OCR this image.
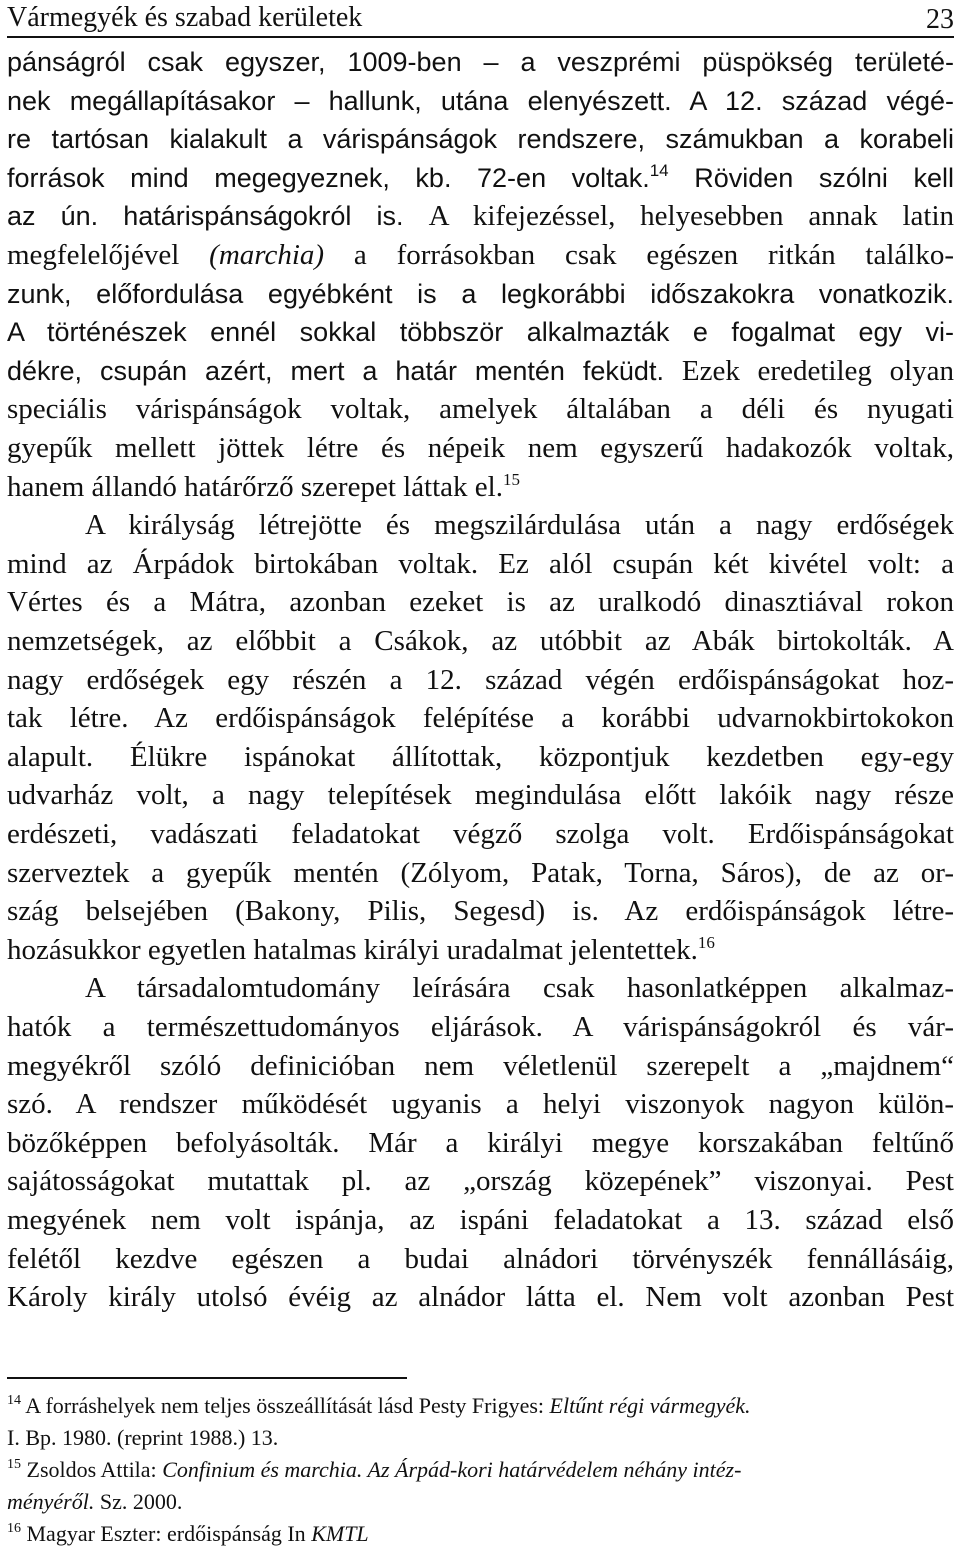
Vármegyék és szabad kerületek	23
pánságról csak egyszer, 1009-ben – a veszprémi püspökség területé-
nek megállapításakor – hallunk, utána elenyészett. A 12. század végé-
re tartósan kialakult a várispánságok rendszere, számukban a korabeli
források mind megegyeznek, kb. 72-en voltak.$^{14}$ Röviden szólni kell
az ún. határispánságokról is. A kifejezéssel, helyesebben annak latin
megfelelőjével (marchia) a forrásokban csak egészen ritkán találko-
zunk, előfordulása egyébként is a legkorábbi időszakokra vonatkozik.
A történészek ennél sokkal többször alkalmazták e fogalmat egy vi-
dékre, csupán azért, mert a határ mentén feküdt. Ezek eredetileg olyan
speciális várispánságok voltak, amelyek általában a déli és nyugati
gyepűk mellett jöttek létre és népeik nem egyszerű hadakozók voltak,
hanem állandó határőrző szerepet láttak el.$^{15}$
A királyság létrejötte és megszilárdulása után a nagy erdőségek
mind az Árpádok birtokában voltak. Ez alól csupán két kivétel volt: a
Vértes és a Mátra, azonban ezeket is az uralkodó dinasztiával rokon
nemzetségek, az előbbit a Csákok, az utóbbit az Abák birtokolták. A
nagy erdőségek egy részén a 12. század végén erdőispánságokat hoz-
tak létre. Az erdőispánságok felépítése a korábbi udvarnokbirtokokon
alapult. Élükre ispánokat állítottak, központjuk kezdetben egy-egy
udvarház volt, a nagy telepítések megindulása előtt lakóik nagy része
erdészeti, vadászati feladatokat végző szolga volt. Erdőispánságokat
szerveztek a gyepűk mentén (Zólyom, Patak, Torna, Sáros), de az or-
szág belsejében (Bakony, Pilis, Segesd) is. Az erdőispánságok létre-
hozásukkor egyetlen hatalmas királyi uradalmat jelentettek.$^{16}$
A társadalomtudomány leírására csak hasonlatképpen alkalmaz-
hatók a természettudományos eljárások. A várispánságokról és vár-
megyékről szóló definicióban nem véletlenül szerepelt a „majdnem“
szó. A rendszer működését ugyanis a helyi viszonyok nagyon külön-
bözőképpen befolyásolták. Már a királyi megye korszakában feltűnő
sajátosságokat mutattak pl. az „ország közepének” viszonyai. Pest
megyének nem volt ispánja, az ispáni feladatokat a 13. század első
felétől kezdve egészen a budai alnádori törvényszék fennállásáig,
Károly király utolsó évéig az alnádor látta el. Nem volt azonban Pest
$^{14}$ A forráshelyek nem teljes összeállítását lásd Pesty Frigyes: Eltűnt régi vármegyék.
I. Bp. 1980. (reprint 1988.) 13.
$^{15}$ Zsoldos Attila: Confinium és marchia. Az Árpád-kori határvédelem néhány intéz-
ményéről. Sz. 2000.
$^{16}$ Magyar Eszter: erdőispánság In KMTL
